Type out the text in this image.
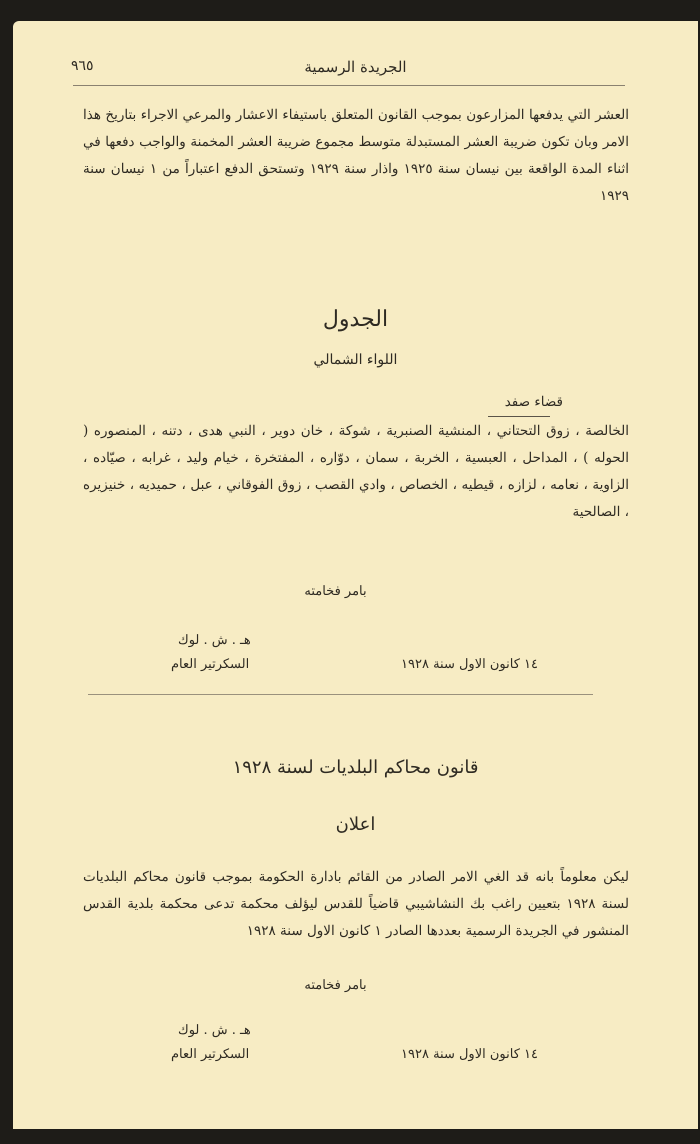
الجريدة الرسمية
٩٦٥
العشر التي يدفعها المزارعون بموجب القانون المتعلق باستيفاء الاعشار والمرعي الاجراء بتاريخ هذا الامر وبان تكون ضريبة العشر المستبدلة متوسط مجموع ضريبة العشر المخمنة والواجب دفعها في اثناء المدة الواقعة بين نيسان سنة ١٩٢٥ واذار سنة ١٩٢٩ وتستحق الدفع اعتباراً من ١ نيسان سنة ١٩٢٩
الجدول
اللواء الشمالي
قضاء صفد
الخالصة ، زوق التحتاني ، المنشية الصنبرية ، شوكة ، خان دوير ، النبي هدى ، دتنه ، المنصوره ( الحوله ) ، المداحل ، العبسية ، الخربة ، سمان ، دوّاره ، المفتخرة ، خيام وليد ، غرابه ، صيّاده ، الزاوية ، نعامه ، لزازه ، قيطيه ، الخصاص ، وادي القصب ، زوق الفوقاني ، عبل ، حميديه ، خنيزيره ، الصالحية
بامر فخامته
هـ . ش . لوك
السكرتير العام	١٤ كانون الاول سنة ١٩٢٨
قانون محاكم البلديات لسنة ١٩٢٨
اعلان
ليكن معلوماً بانه قد الغي الامر الصادر من القائم بادارة الحكومة بموجب قانون محاكم البلديات لسنة ١٩٢٨ بتعيين راغب بك النشاشيبي قاضياً للقدس ليؤلف محكمة تدعى محكمة بلدية القدس المنشور في الجريدة الرسمية بعددها الصادر ١ كانون الاول سنة ١٩٢٨
بامر فخامته
هـ . ش . لوك
السكرتير العام	١٤ كانون الاول سنة ١٩٢٨
